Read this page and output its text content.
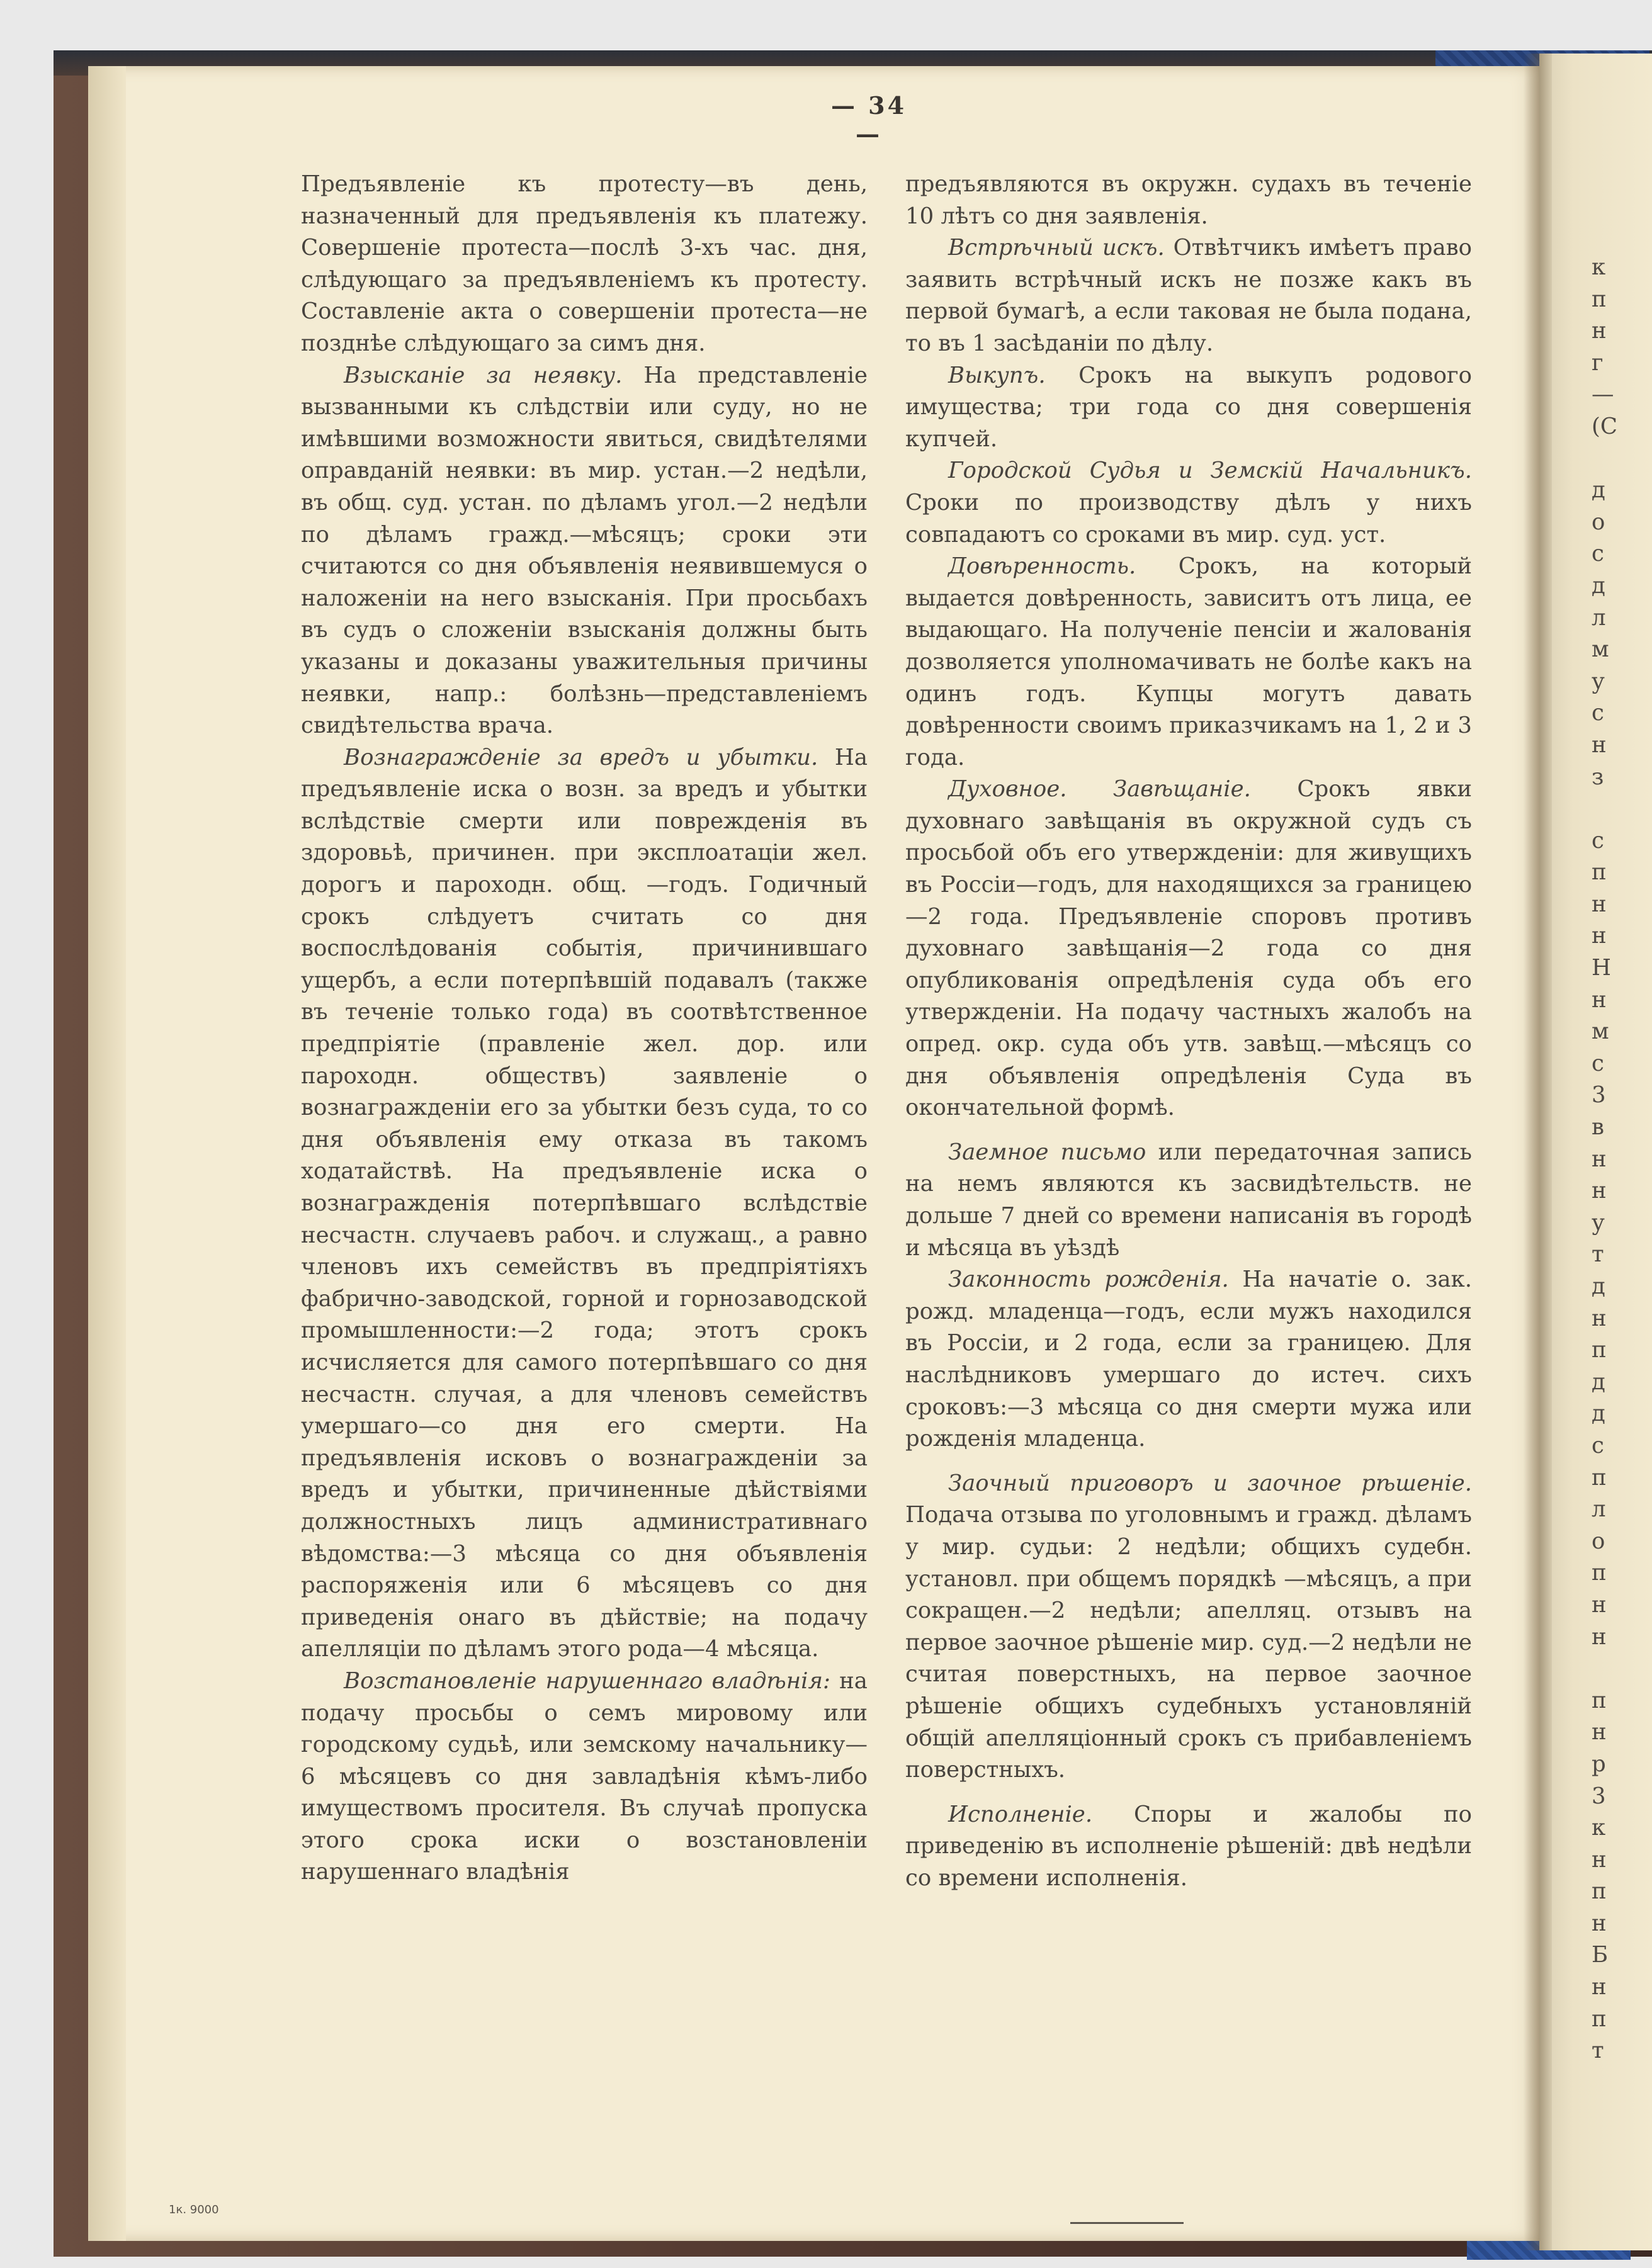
— 34 —

Предъявленіе къ протесту—въ день, назначенный для предъявленія къ платежу. Совершеніе протеста—послѣ 3-хъ час. дня, слѣдующаго за предъявленіемъ къ протесту. Составленіе акта о совершеніи протеста—не позднѣе слѣдующаго за симъ дня.

Взысканіе за неявку. На представленіе вызванными къ слѣдствіи или суду, но не имѣвшими возможности явиться, свидѣтелями оправданій неявки: въ мир. устан.—2 недѣли, въ общ. суд. устан. по дѣламъ угол.—2 недѣли по дѣламъ гражд.—мѣсяцъ; сроки эти считаются со дня объявленія неявившемуся о наложеніи на него взысканія. При просьбахъ въ судъ о сложеніи взысканія должны быть указаны и доказаны уважительныя причины неявки, напр.: болѣзнь—представленіемъ свидѣтельства врача.

Вознагражденіе за вредъ и убытки. На предъявленіе иска о возн. за вредъ и убытки вслѣдствіе смерти или поврежденія въ здоровьѣ, причинен. при эксплоатаціи жел. дорогъ и пароходн. общ. —годъ. Годичный срокъ слѣдуетъ считать со дня воспослѣдованія событія, причинившаго ущербъ, а если потерпѣвшій подавалъ (также въ теченіе только года) въ соотвѣтственное предпріятіе (правленіе жел. дор. или пароходн. обществъ) заявленіе о вознагражденіи его за убытки безъ суда, то со дня объявленія ему отказа въ такомъ ходатайствѣ. На предъявленіе иска о вознагражденія потерпѣвшаго вслѣдствіе несчастн. случаевъ рабоч. и служащ., а равно членовъ ихъ семействъ въ предпріятіяхъ фабрично-заводской, горной и горнозаводской промышленности:—2 года; этотъ срокъ исчисляется для самого потерпѣвшаго со дня несчастн. случая, а для членовъ семействъ умершаго—со дня его смерти. На предъявленія исковъ о вознагражденіи за вредъ и убытки, причиненные дѣйствіями должностныхъ лицъ административнаго вѣдомства:—3 мѣсяца со дня объявленія распоряженія или 6 мѣсяцевъ со дня приведенія онаго въ дѣйствіе; на подачу апелляціи по дѣламъ этого рода—4 мѣсяца.

Возстановленіе нарушеннаго владѣнія: на подачу просьбы о семъ мировому или городскому судьѣ, или земскому начальнику—6 мѣсяцевъ со дня завладѣнія кѣмъ-либо имуществомъ просителя. Въ случаѣ пропуска этого срока иски о возстановленіи нарушеннаго владѣнія

предъявляются въ окружн. судахъ въ теченіе 10 лѣтъ со дня заявленія.

Встрѣчный искъ. Отвѣтчикъ имѣетъ право заявить встрѣчный искъ не позже какъ въ первой бумагѣ, а если таковая не была подана, то въ 1 засѣданіи по дѣлу.

Выкупъ. Срокъ на выкупъ родового имущества; три года со дня совершенія купчей.

Городской Судья и Земскій Начальникъ. Сроки по производству дѣлъ у нихъ совпадаютъ со сроками въ мир. суд. уст.

Довѣренность. Срокъ, на который выдается довѣренность, зависитъ отъ лица, ее выдающаго. На полученіе пенсіи и жалованія дозволяется уполномачивать не болѣе какъ на одинъ годъ. Купцы могутъ давать довѣренности своимъ приказчикамъ на 1, 2 и 3 года.

Духовное. Завѣщаніе. Срокъ явки духовнаго завѣщанія въ окружной судъ съ просьбой объ его утвержденіи: для живущихъ въ Россіи—годъ, для находящихся за границею—2 года. Предъявленіе споровъ противъ духовнаго завѣщанія—2 года со дня опубликованія опредѣленія суда объ его утвержденіи. На подачу частныхъ жалобъ на опред. окр. суда объ утв. завѣщ.—мѣсяцъ со дня объявленія опредѣленія Суда въ окончательной формѣ.

Заемное письмо или передаточная запись на немъ являются къ засвидѣтельств. не дольше 7 дней со времени написанія въ городѣ и мѣсяца въ уѣздѣ

Законность рожденія. На начатіе о. зак. рожд. младенца—годъ, если мужъ находился въ Россіи, и 2 года, если за границею. Для наслѣдниковъ умершаго до истеч. сихъ сроковъ:—3 мѣсяца со дня смерти мужа или рожденія младенца.

Заочный приговоръ и заочное рѣшеніе. Подача отзыва по уголовнымъ и гражд. дѣламъ у мир. судьи: 2 недѣли; общихъ судебн. установл. при общемъ порядкѣ —мѣсяцъ, а при сокращен.—2 недѣли; апелляц. отзывъ на первое заочное рѣшеніе мир. суд.—2 недѣли не считая поверстныхъ, на первое заочное рѣшеніе общихъ судебныхъ установляній общій апелляціонный срокъ съ прибавленіемъ поверстныхъ.

Исполненіе. Споры и жалобы по приведенію въ исполненіе рѣшеній: двѣ недѣли со времени исполненія.

к
п
н
г
—
(С

д
о
с
д
л
м
у
с
н
з

с
п
н
н
Н
н
м
с
3
в
н
н
у
т
д
н
п
д
д
с
п
л
о
п
н
н

п
н
р
3
к
н
п
н
Б
н
п
т
1к. 9000
